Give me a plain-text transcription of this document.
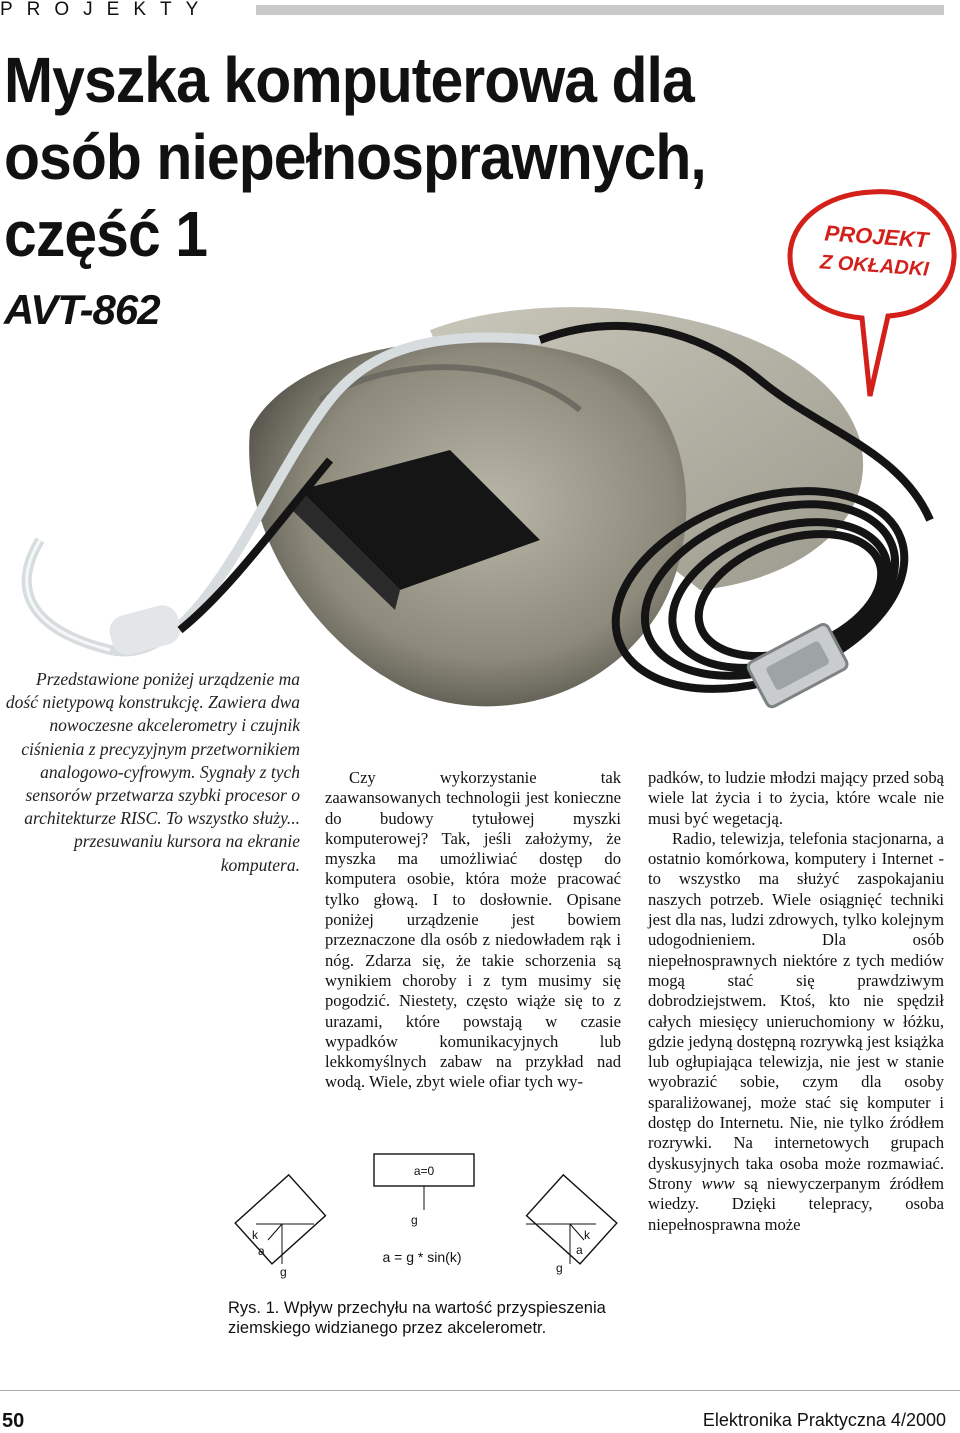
PROJEKTY
Myszka komputerowa dla
osób niepełnosprawnych,
część 1	PROJEKT
Z OKŁADKI
AVT-862
Przedstawione poniżej urządzenie ma dość nietypową konstrukcję. Zawiera dwa nowoczesne akcelerometry i czujnik ciśnienia z precyzyjnym przetwornikiem analogowo-cyfrowym. Sygnały z tych sensorów przetwarza szybki procesor o architekturze RISC. To wszystko służy... przesuwaniu kursora na ekranie komputera.

Czy wykorzystanie tak zaawansowanych technologii jest konieczne do budowy tytułowej myszki komputerowej? Tak, jeśli założymy, że myszka ma umożliwiać dostęp do komputera osobie, która może pracować tylko głową. I to dosłownie. Opisane poniżej urządzenie jest bowiem przeznaczone dla osób z niedowładem rąk i nóg. Zdarza się, że takie schorzenia są wynikiem choroby i z tym musimy się pogodzić. Niestety, często wiąże się to z urazami, które powstają w czasie wypadków komunikacyjnych lub lekkomyślnych zabaw na przykład nad wodą. Wiele, zbyt wiele ofiar tych wy-

padków, to ludzie młodzi mający przed sobą wiele lat życia i to życia, które wcale nie musi być wegetacją.

Radio, telewizja, telefonia stacjonarna, a ostatnio komórkowa, komputery i Internet - to wszystko ma służyć zaspokajaniu naszych potrzeb. Wiele osiągnięć techniki jest dla nas, ludzi zdrowych, tylko kolejnym udogodnieniem. Dla osób niepełnosprawnych niektóre z tych mediów mogą stać się prawdziwym dobrodziejstwem. Ktoś, kto nie spędził całych miesięcy unieruchomiony w łóżku, gdzie jedyną dostępną rozrywką jest książka lub ogłupiająca telewizja, nie jest w stanie wyobrazić sobie, czym dla osoby sparaliżowanej, może stać się komputer i dostęp do Internetu. Nie, nie tylko źródłem rozrywki. Na internetowych grupach dyskusyjnych taka osoba może rozmawiać. Strony www są niewyczerpanym źródłem wiedzy. Dzięki telepracy, osoba niepełnosprawna może

k
a
g
a=0
g
a = g * sin(k)
k
a
g
Rys. 1. Wpływ przechyłu na wartość przyspieszenia ziemskiego widzianego przez akcelerometr.
50	Elektronika Praktyczna 4/2000
